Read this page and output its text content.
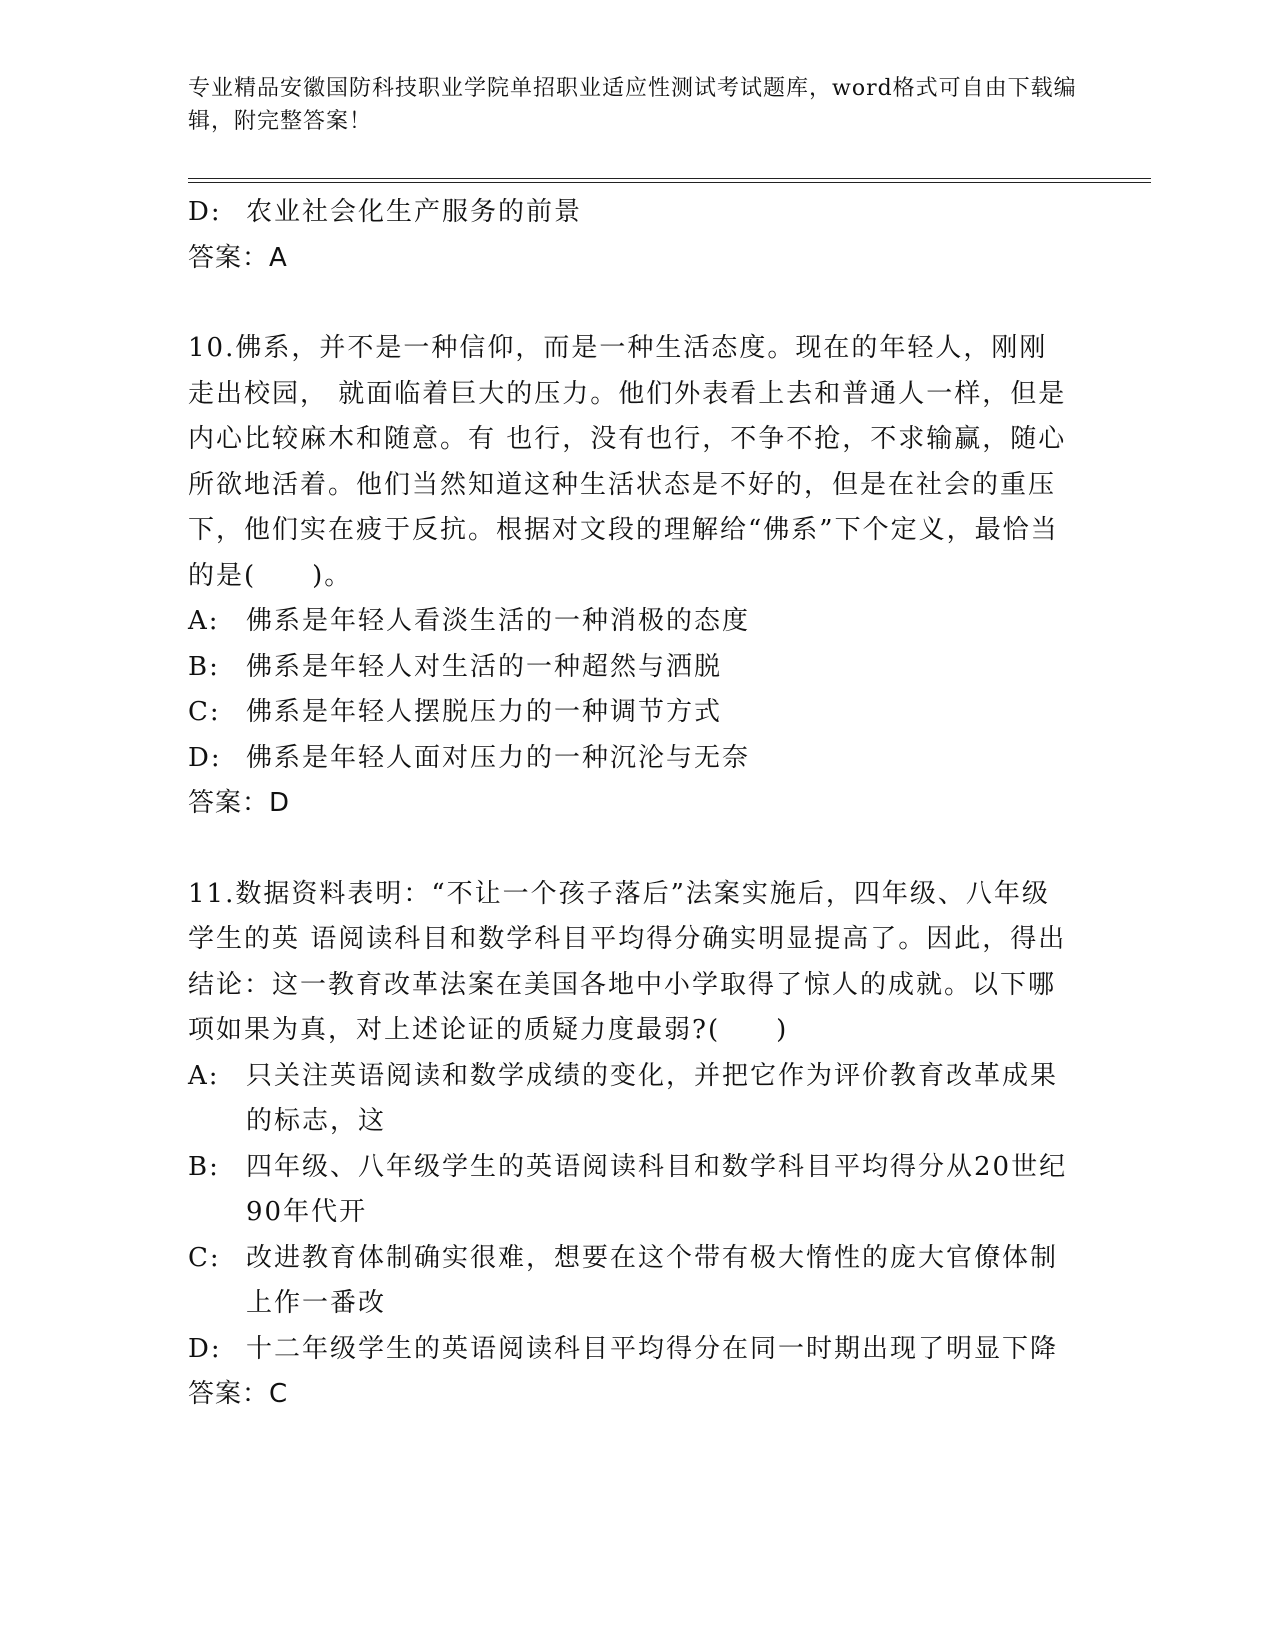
专业精品安徽国防科技职业学院单招职业适应性测试考试题库，word格式可自由下载编辑，附完整答案！
D: 农业社会化生产服务的前景
答案：A
10.佛系，并不是一种信仰，而是一种生活态度。现在的年轻人，刚刚走出校园， 就面临着巨大的压力。他们外表看上去和普通人一样，但是内心比较麻木和随意。有 也行，没有也行，不争不抢，不求输赢，随心所欲地活着。他们当然知道这种生活状态是不好的，但是在社会的重压下，他们实在疲于反抗。根据对文段的理解给“佛系”下个定义，最恰当的是(　　)。
A:	佛系是年轻人看淡生活的一种消极的态度
B:	佛系是年轻人对生活的一种超然与洒脱
C: 佛系是年轻人摆脱压力的一种调节方式
D: 佛系是年轻人面对压力的一种沉沦与无奈
答案：D
11.数据资料表明：“不让一个孩子落后”法案实施后，四年级、八年级学生的英 语阅读科目和数学科目平均得分确实明显提高了。因此，得出结论：这一教育改革法案在美国各地中小学取得了惊人的成就。以下哪项如果为真，对上述论证的质疑力度最弱?(　　)
A:	只关注英语阅读和数学成绩的变化，并把它作为评价教育改革成果的标志，这
B:	四年级、八年级学生的英语阅读科目和数学科目平均得分从20世纪90年代开
C: 改进教育体制确实很难，想要在这个带有极大惰性的庞大官僚体制上作一番改
D: 十二年级学生的英语阅读科目平均得分在同一时期出现了明显下降
答案：C
